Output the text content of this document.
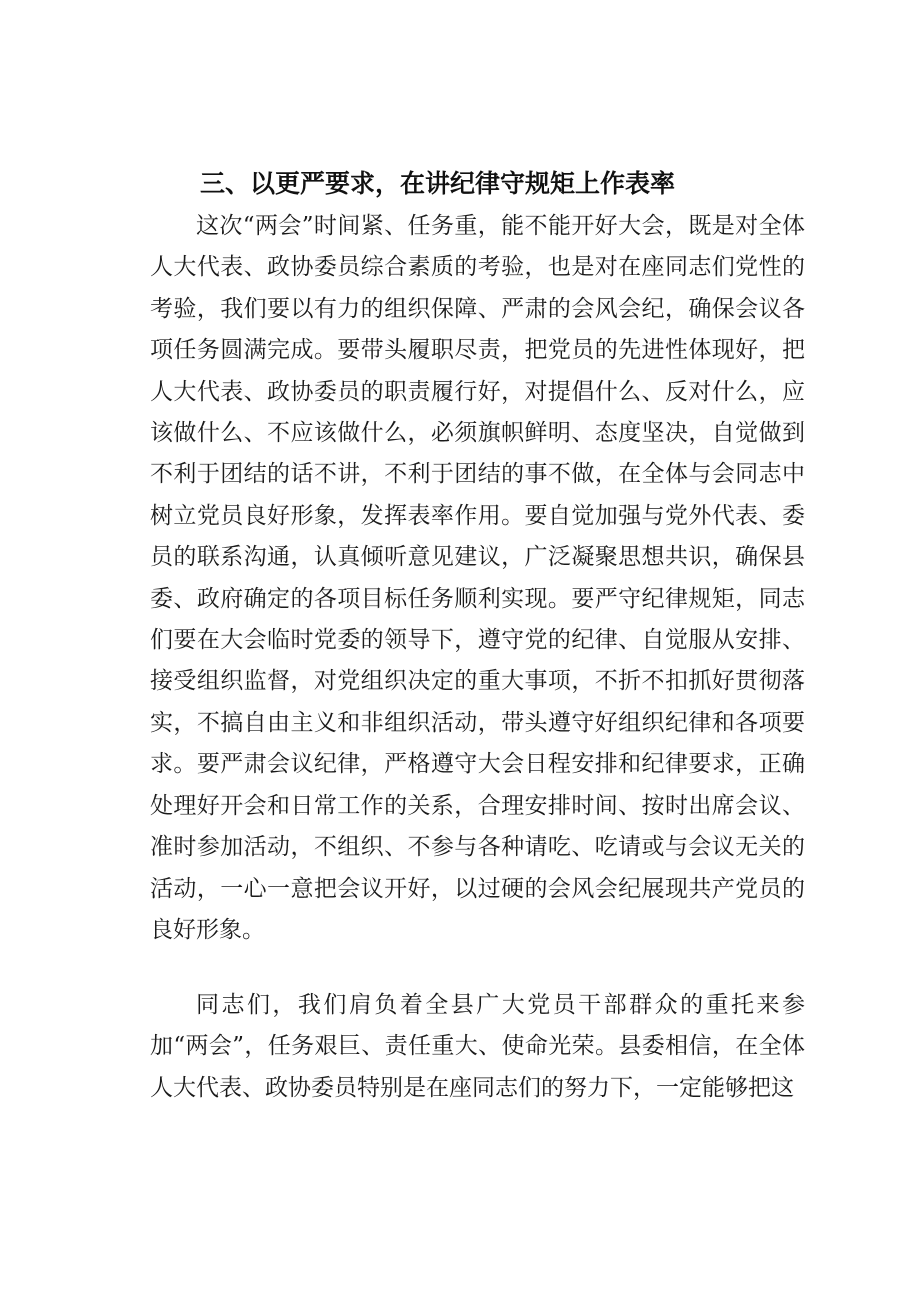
三、以更严要求，在讲纪律守规矩上作表率

这次“两会”时间紧、任务重，能不能开好大会，既是对全体人大代表、政协委员综合素质的考验，也是对在座同志们党性的考验，我们要以有力的组织保障、严肃的会风会纪，确保会议各项任务圆满完成。要带头履职尽责，把党员的先进性体现好，把人大代表、政协委员的职责履行好，对提倡什么、反对什么，应该做什么、不应该做什么，必须旗帜鲜明、态度坚决，自觉做到不利于团结的话不讲，不利于团结的事不做，在全体与会同志中树立党员良好形象，发挥表率作用。要自觉加强与党外代表、委员的联系沟通，认真倾听意见建议，广泛凝聚思想共识，确保县委、政府确定的各项目标任务顺利实现。要严守纪律规矩，同志们要在大会临时党委的领导下，遵守党的纪律、自觉服从安排、接受组织监督，对党组织决定的重大事项，不折不扣抓好贯彻落实，不搞自由主义和非组织活动，带头遵守好组织纪律和各项要求。要严肃会议纪律，严格遵守大会日程安排和纪律要求，正确处理好开会和日常工作的关系，合理安排时间、按时出席会议、准时参加活动，不组织、不参与各种请吃、吃请或与会议无关的活动，一心一意把会议开好，以过硬的会风会纪展现共产党员的良好形象。

同志们，我们肩负着全县广大党员干部群众的重托来参加“两会”，任务艰巨、责任重大、使命光荣。县委相信，在全体人大代表、政协委员特别是在座同志们的努力下，一定能够把这
